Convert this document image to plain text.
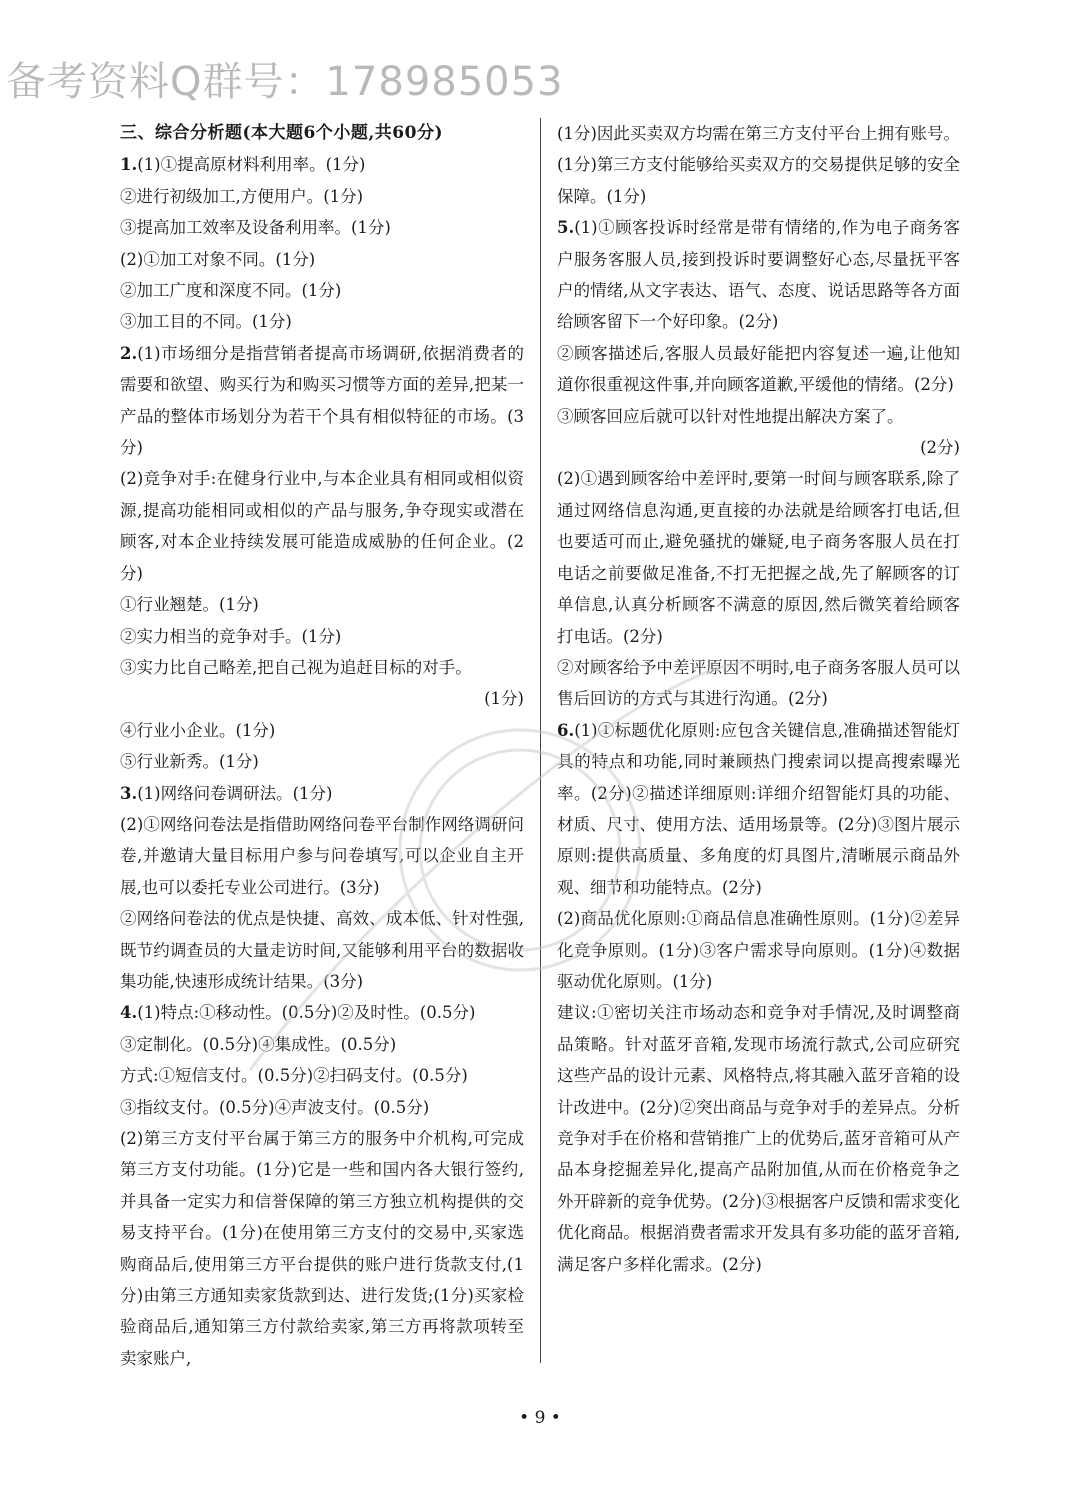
备考资料Q群号：178985053

三、综合分析题(本大题6个小题,共60分)

1.(1)①提高原材料利用率。(1分)

②进行初级加工,方便用户。(1分)

③提高加工效率及设备利用率。(1分)

(2)①加工对象不同。(1分)

②加工广度和深度不同。(1分)

③加工目的不同。(1分)

2.(1)市场细分是指营销者提高市场调研,依据消费者的需要和欲望、购买行为和购买习惯等方面的差异,把某一产品的整体市场划分为若干个具有相似特征的市场。(3分)

(2)竞争对手:在健身行业中,与本企业具有相同或相似资源,提高功能相同或相似的产品与服务,争夺现实或潜在顾客,对本企业持续发展可能造成威胁的任何企业。(2分)

①行业翘楚。(1分)

②实力相当的竞争对手。(1分)

③实力比自己略差,把自己视为追赶目标的对手。

(1分)

④行业小企业。(1分)

⑤行业新秀。(1分)

3.(1)网络问卷调研法。(1分)

(2)①网络问卷法是指借助网络问卷平台制作网络调研问卷,并邀请大量目标用户参与问卷填写,可以企业自主开展,也可以委托专业公司进行。(3分)

②网络问卷法的优点是快捷、高效、成本低、针对性强,既节约调查员的大量走访时间,又能够利用平台的数据收集功能,快速形成统计结果。(3分)

4.(1)特点:①移动性。(0.5分)②及时性。(0.5分)

③定制化。(0.5分)④集成性。(0.5分)

方式:①短信支付。(0.5分)②扫码支付。(0.5分)

③指纹支付。(0.5分)④声波支付。(0.5分)

(2)第三方支付平台属于第三方的服务中介机构,可完成第三方支付功能。(1分)它是一些和国内各大银行签约,并具备一定实力和信誉保障的第三方独立机构提供的交易支持平台。(1分)在使用第三方支付的交易中,买家选购商品后,使用第三方平台提供的账户进行货款支付,(1分)由第三方通知卖家货款到达、进行发货;(1分)买家检验商品后,通知第三方付款给卖家,第三方再将款项转至卖家账户,

(1分)因此买卖双方均需在第三方支付平台上拥有账号。(1分)第三方支付能够给买卖双方的交易提供足够的安全保障。(1分)

5.(1)①顾客投诉时经常是带有情绪的,作为电子商务客户服务客服人员,接到投诉时要调整好心态,尽量抚平客户的情绪,从文字表达、语气、态度、说话思路等各方面给顾客留下一个好印象。(2分)

②顾客描述后,客服人员最好能把内容复述一遍,让他知道你很重视这件事,并向顾客道歉,平缓他的情绪。(2分)

③顾客回应后就可以针对性地提出解决方案了。

(2分)

(2)①遇到顾客给中差评时,要第一时间与顾客联系,除了通过网络信息沟通,更直接的办法就是给顾客打电话,但也要适可而止,避免骚扰的嫌疑,电子商务客服人员在打电话之前要做足准备,不打无把握之战,先了解顾客的订单信息,认真分析顾客不满意的原因,然后微笑着给顾客打电话。(2分)

②对顾客给予中差评原因不明时,电子商务客服人员可以售后回访的方式与其进行沟通。(2分)

6.(1)①标题优化原则:应包含关键信息,准确描述智能灯具的特点和功能,同时兼顾热门搜索词以提高搜索曝光率。(2分)②描述详细原则:详细介绍智能灯具的功能、材质、尺寸、使用方法、适用场景等。(2分)③图片展示原则:提供高质量、多角度的灯具图片,清晰展示商品外观、细节和功能特点。(2分)

(2)商品优化原则:①商品信息准确性原则。(1分)②差异化竞争原则。(1分)③客户需求导向原则。(1分)④数据驱动优化原则。(1分)

建议:①密切关注市场动态和竞争对手情况,及时调整商品策略。针对蓝牙音箱,发现市场流行款式,公司应研究这些产品的设计元素、风格特点,将其融入蓝牙音箱的设计改进中。(2分)②突出商品与竞争对手的差异点。分析竞争对手在价格和营销推广上的优势后,蓝牙音箱可从产品本身挖掘差异化,提高产品附加值,从而在价格竞争之外开辟新的竞争优势。(2分)③根据客户反馈和需求变化优化商品。根据消费者需求开发具有多功能的蓝牙音箱,满足客户多样化需求。(2分)

• 9 •
